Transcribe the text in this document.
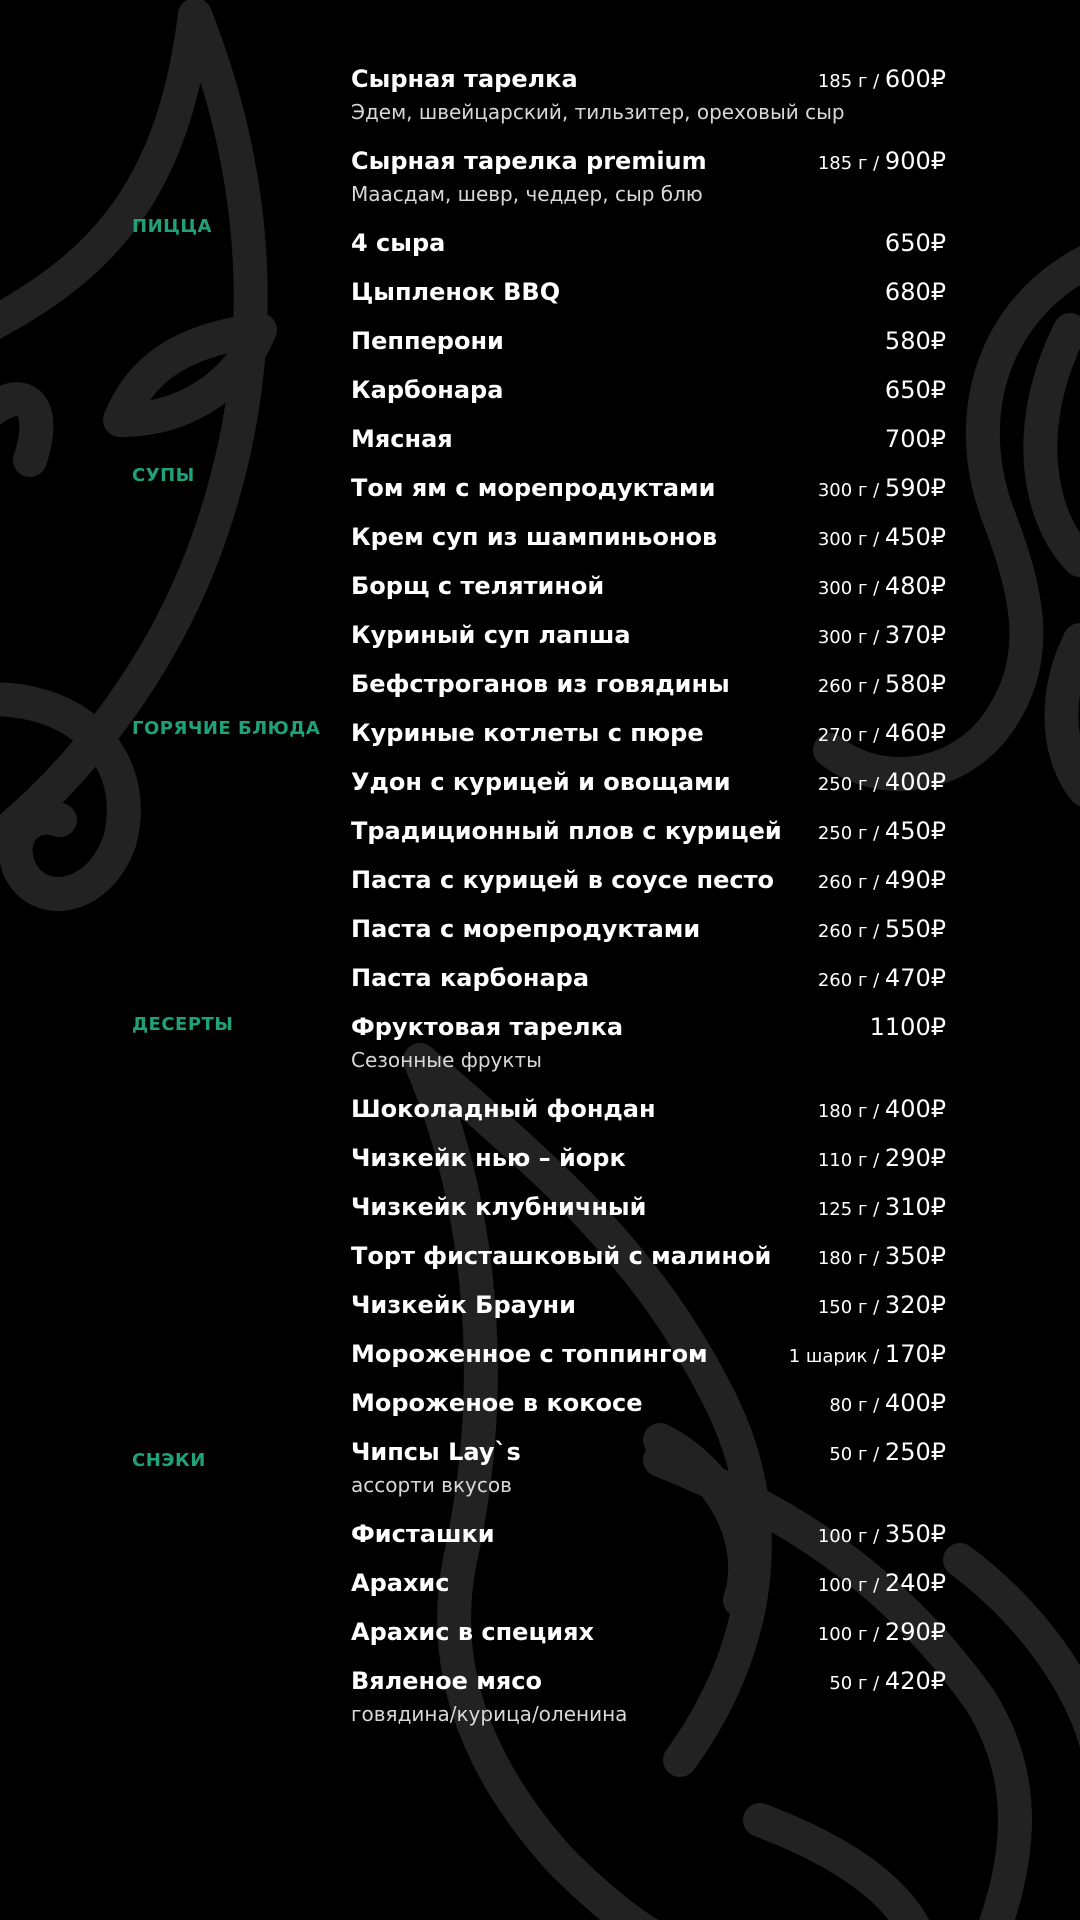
ПИЦЦА
СУПЫ
ГОРЯЧИЕ БЛЮДА
ДЕСЕРТЫ
СНЭКИ
Сырная тарелка	185 г / 600₽
Эдем, швейцарский, тильзитер, ореховый сыр
Сырная тарелка premium	185 г / 900₽
Маасдам, шевр, чеддер, сыр блю
4 сыра	650₽
Цыпленок BBQ	680₽
Пепперони	580₽
Карбонара	650₽
Мясная	700₽
Том ям с морепродуктами	300 г / 590₽
Крем суп из шампиньонов	300 г / 450₽
Борщ с телятиной	300 г / 480₽
Куриный суп лапша	300 г / 370₽
Бефстроганов из говядины	260 г / 580₽
Куриные котлеты с пюре	270 г / 460₽
Удон с курицей и овощами	250 г / 400₽
Традиционный плов с курицей 250 г / 450₽
Паста с курицей в соусе песто 260 г / 490₽
Паста с морепродуктами	260 г / 550₽
Паста карбонара	260 г / 470₽
Фруктовая тарелка	1100₽
Сезонные фрукты
Шоколадный фондан	180 г / 400₽
Чизкейк нью – йорк	110 г / 290₽
Чизкейк клубничный	125 г / 310₽
Торт фисташковый с малиной	180 г / 350₽
Чизкейк Брауни	150 г / 320₽
Мороженное с топпингом	1 шарик / 170₽
Мороженое в кокосе	80 г / 400₽
Чипсы Lay`s	50 г / 250₽
ассорти вкусов
Фисташки	100 г / 350₽
Арахис	100 г / 240₽
Арахис в специях	100 г / 290₽
Вяленое мясо	50 г / 420₽
говядина/курица/оленина
